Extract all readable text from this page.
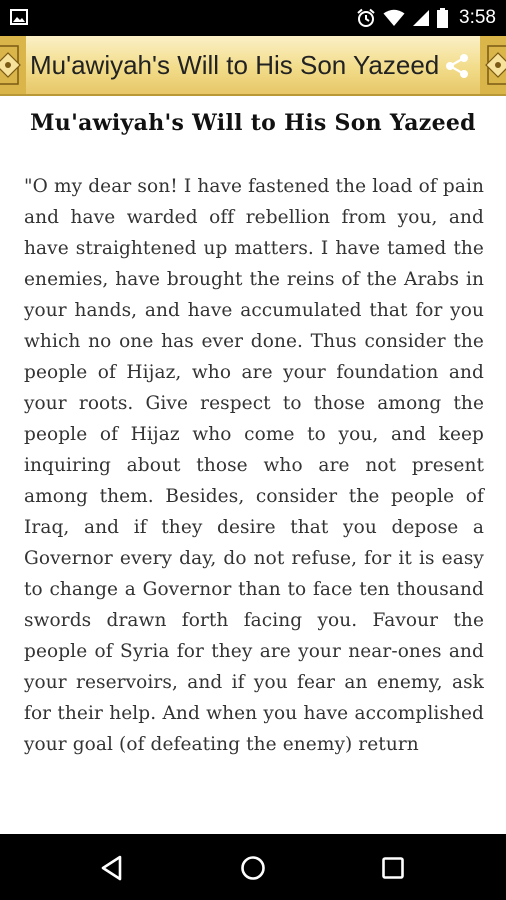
3:58
Mu'awiyah's Will to His Son Yazeed
Mu'awiyah's Will to His Son Yazeed
"O my dear son! I have fastened the load of pain and have warded off rebellion from you, and have straightened up matters. I have tamed the enemies, have brought the reins of the Arabs in your hands, and have accumulated that for you which no one has ever done. Thus consider the people of Hijaz, who are your foundation and your roots. Give respect to those among the people of Hijaz who come to you, and keep inquiring about those who are not present among them. Besides, consider the people of Iraq, and if they desire that you depose a Governor every day, do not refuse, for it is easy to change a Governor than to face ten thousand swords drawn forth facing you. Favour the people of Syria for they are your near-ones and your reservoirs, and if you fear an enemy, ask for their help. And when you have accomplished your goal (of defeating the enemy) return
